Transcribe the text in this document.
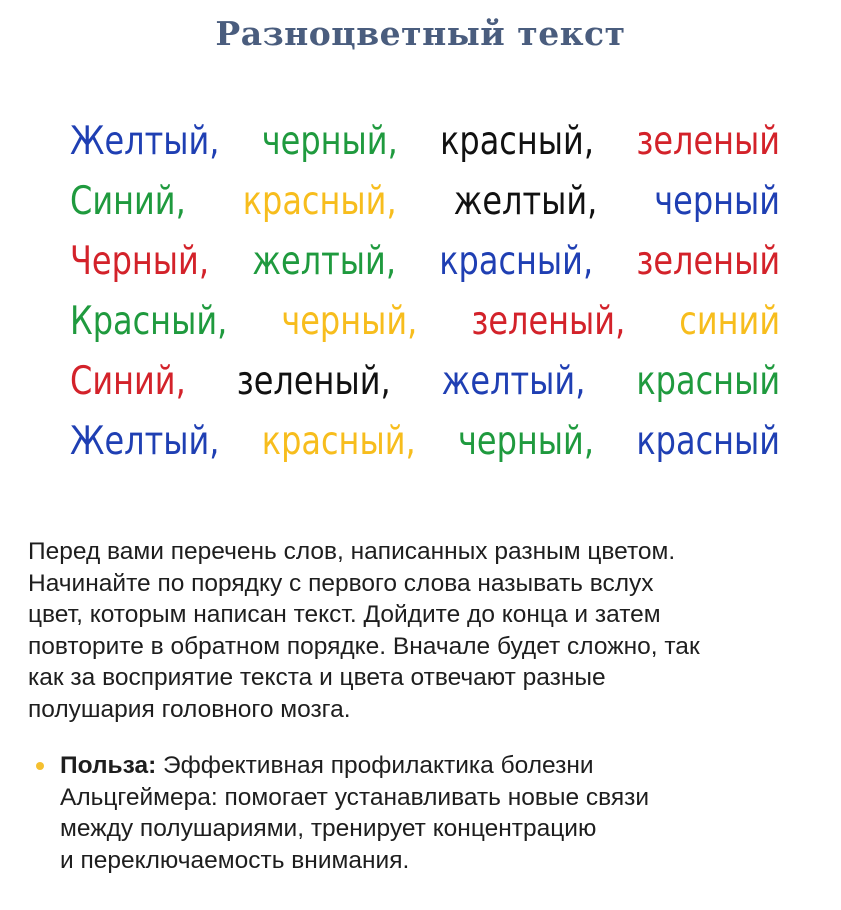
Разноцветный текст
Желтый, черный, красный, зеленый
Синий, красный, желтый, черный
Черный, желтый, красный, зеленый
Красный, черный, зеленый, синий
Синий, зеленый, желтый, красный
Желтый, красный, черный, красный

Перед вами перечень слов, написанных разным цветом.

Начинайте по порядку с первого слова называть вслух

цвет, которым написан текст. Дойдите до конца и затем

повторите в обратном порядке. Вначале будет сложно, так

как за восприятие текста и цвета отвечают разные

полушария головного мозга.

Польза: Эффективная профилактика болезни
Альцгеймера: помогает устанавливать новые связи
между полушариями, тренирует концентрацию
и переключаемость внимания.
